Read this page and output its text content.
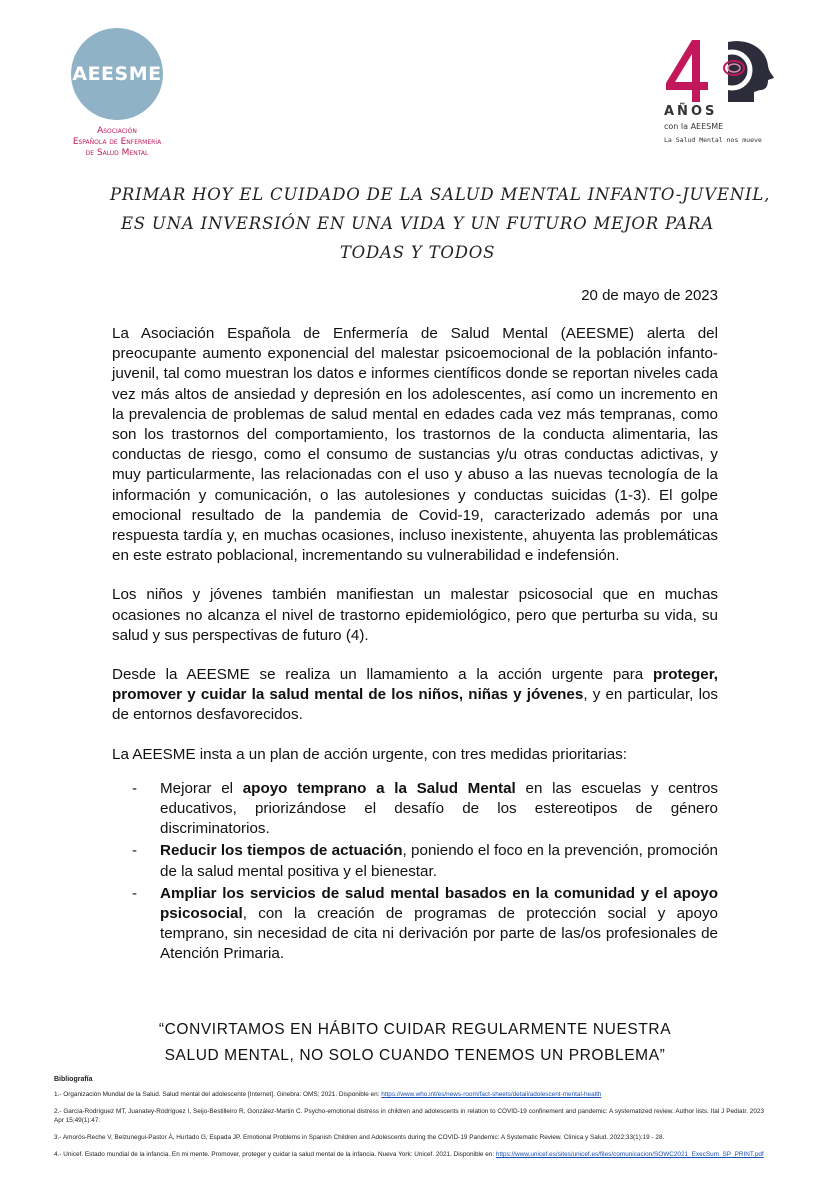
AEESME
Asociación
Española de Enfermería
de Salud Mental
AÑOS
con la AEESME
La Salud Mental nos mueve
PRIMAR HOY EL CUIDADO DE LA SALUD MENTAL INFANTO-JUVENIL,
ES UNA INVERSIÓN EN UNA VIDA Y UN FUTURO MEJOR PARA
TODAS Y TODOS
20 de mayo de 2023

La Asociación Española de Enfermería de Salud Mental (AEESME) alerta del preocupante aumento exponencial del malestar psicoemocional de la población infanto-juvenil, tal como muestran los datos e informes científicos donde se reportan niveles cada vez más altos de ansiedad y depresión en los adolescentes, así como un incremento en la prevalencia de problemas de salud mental en edades cada vez más tempranas, como son los trastornos del comportamiento, los trastornos de la conducta alimentaria, las conductas de riesgo, como el consumo de sustancias y/u otras conductas adictivas, y muy particularmente, las relacionadas con el uso y abuso a las nuevas tecnología de la información y comunicación, o las autolesiones y conductas suicidas (1-3). El golpe emocional resultado de la pandemia de Covid-19, caracterizado además por una respuesta tardía y, en muchas ocasiones, incluso inexistente, ahuyenta las problemáticas en este estrato poblacional, incrementando su vulnerabilidad e indefensión.

Los niños y jóvenes también manifiestan un malestar psicosocial que en muchas ocasiones no alcanza el nivel de trastorno epidemiológico, pero que perturba su vida, su salud y sus perspectivas de futuro (4).

Desde la AEESME se realiza un llamamiento a la acción urgente para proteger, promover y cuidar la salud mental de los niños, niñas y jóvenes, y en particular, los de entornos desfavorecidos.

La AEESME insta a un plan de acción urgente, con tres medidas prioritarias:

- Mejorar el apoyo temprano a la Salud Mental en las escuelas y centros educativos, priorizándose el desafío de los estereotipos de género discriminatorios.
- Reducir los tiempos de actuación, poniendo el foco en la prevención, promoción de la salud mental positiva y el bienestar.
- Ampliar los servicios de salud mental basados en la comunidad y el apoyo psicosocial, con la creación de programas de protección social y apoyo temprano, sin necesidad de cita ni derivación por parte de las/os profesionales de Atención Primaria.
“CONVIRTAMOS EN HÁBITO CUIDAR REGULARMENTE NUESTRA
SALUD MENTAL, NO SOLO CUANDO TENEMOS UN PROBLEMA”
Bibliografía
1.- Organización Mundial de la Salud. Salud mental del adolescente [Internet]. Ginebra: OMS; 2021. Disponible en: https://www.who.int/es/news-room/fact-sheets/detail/adolescent-mental-health
2.- García-Rodríguez MT, Juanatey-Rodríguez I, Seijo-Bestilleiro R, González-Martin C. Psycho-emotional distress in children and adolescents in relation to COVID-19 confinement and pandemic: A systematized review. Author lists. Ital J Pediatr. 2023 Apr 15;49(1):47.
3.- Amorós-Reche V, Belzunegui-Pastor À, Hurtado G, Espada JP. Emotional Problems in Spanish Children and Adolescents during the COVID-19 Pandemic: A Systematic Review. Clínica y Salud. 2022;33(1):19 - 28.
4.- Unicef. Estado mundial de la infancia. En mi mente. Promover, proteger y cuidar la salud mental de la infancia. Nueva York: Unicef. 2021. Disponible en: https://www.unicef.es/sites/unicef.es/files/comunicacion/SOWC2021_ExecSum_SP_PRINT.pdf
